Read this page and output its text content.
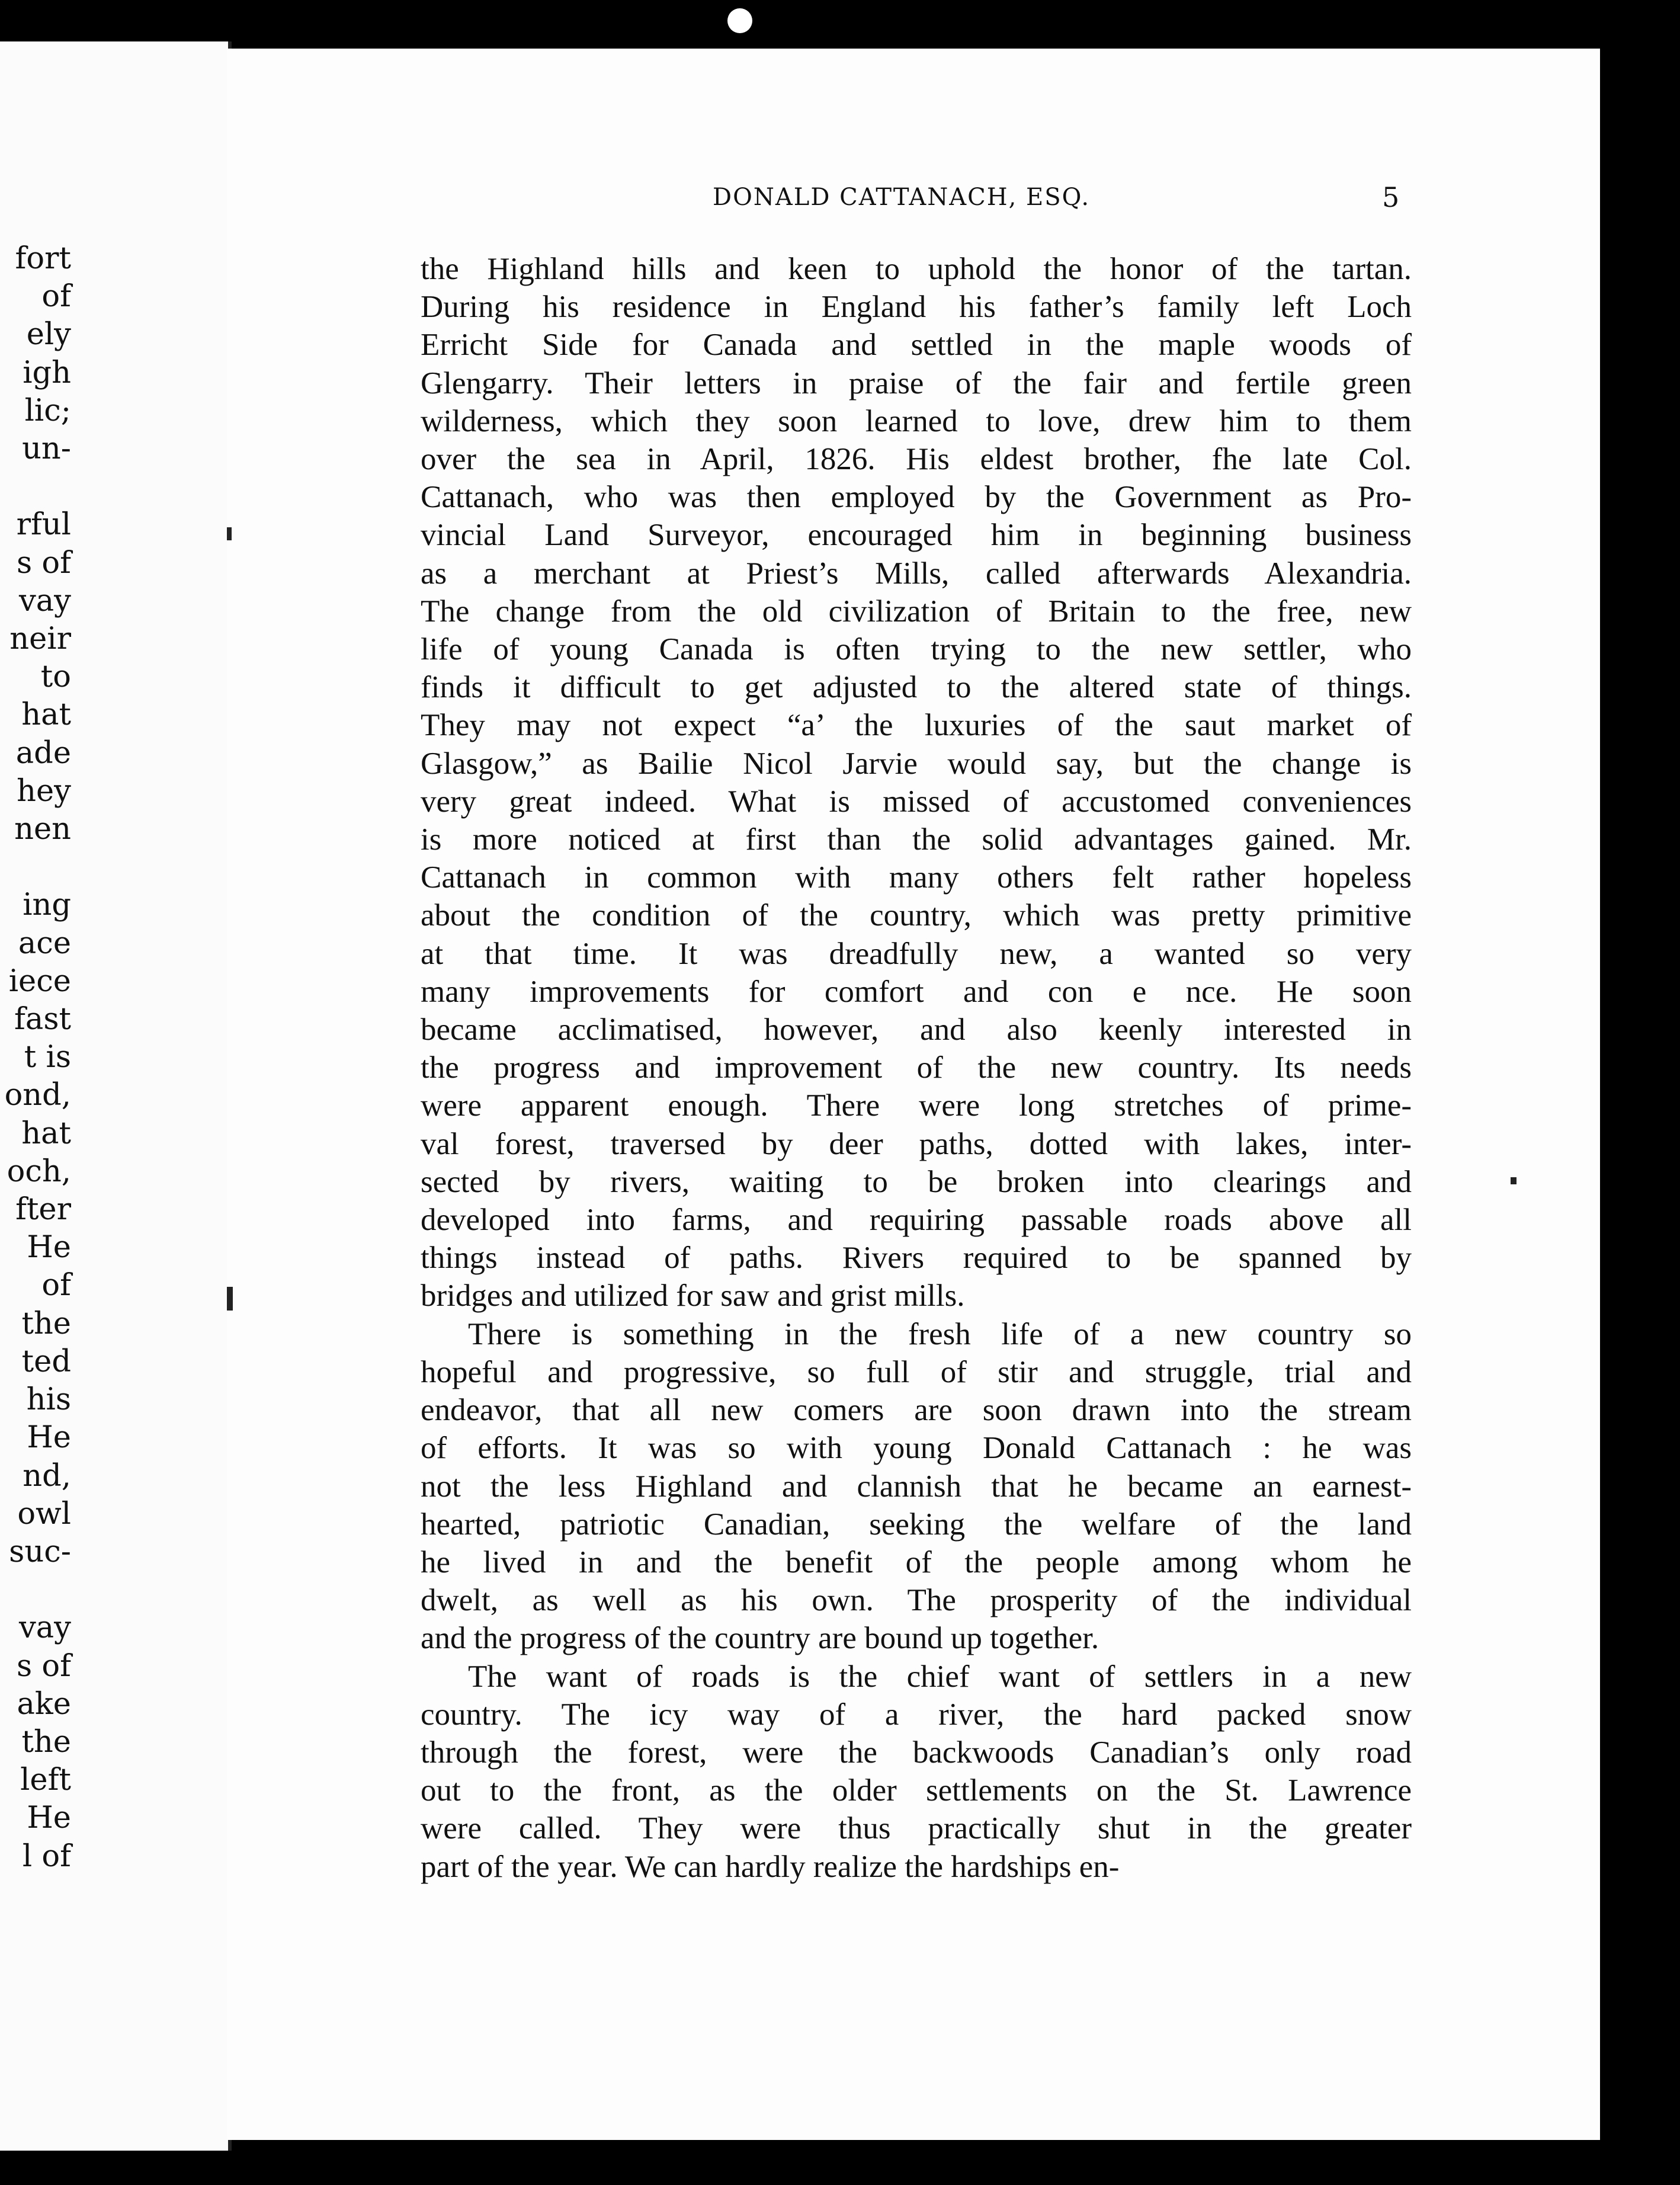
fort
of
ely
igh
lic;
un-

rful
s of
vay
neir
to
hat
ade
hey
nen

ing
ace
iece
fast
t is
ond,
hat
och,
fter
He
of
the
ted
his
He
nd,
owl
suc-

vay
s of
ake
the
left
He
l of
DONALD CATTANACH, ESQ.	5
the Highland hills and keen to uphold the honor of the tartan.
During his residence in England his father’s family left Loch
Erricht Side for Canada and settled in the maple woods of
Glengarry. Their letters in praise of the fair and fertile green
wilderness, which they soon learned to love, drew him to them
over the sea in April, 1826. His eldest brother, fhe late Col.
Cattanach, who was then employed by the Government as Pro-
vincial Land Surveyor, encouraged him in beginning business
as a merchant at Priest’s Mills, called afterwards Alexandria.
The change from the old civilization of Britain to the free, new
life of young Canada is often trying to the new settler, who
finds it difficult to get adjusted to the altered state of things.
They may not expect “a’ the luxuries of the saut market of
Glasgow,” as Bailie Nicol Jarvie would say, but the change is
very great indeed. What is missed of accustomed conveniences
is more noticed at first than the solid advantages gained. Mr.
Cattanach in common with many others felt rather hopeless
about the condition of the country, which was pretty primitive
at that time. It was dreadfully new, a wanted so very
many improvements for comfort and con e nce. He soon
became acclimatised, however, and also keenly interested in
the progress and improvement of the new country. Its needs
were apparent enough. There were long stretches of prime-
val forest, traversed by deer paths, dotted with lakes, inter-
sected by rivers, waiting to be broken into clearings and
developed into farms, and requiring passable roads above all
things instead of paths. Rivers required to be spanned by
bridges and utilized for saw and grist mills.
There is something in the fresh life of a new country so
hopeful and progressive, so full of stir and struggle, trial and
endeavor, that all new comers are soon drawn into the stream
of efforts. It was so with young Donald Cattanach : he was
not the less Highland and clannish that he became an earnest-
hearted, patriotic Canadian, seeking the welfare of the land
he lived in and the benefit of the people among whom he
dwelt, as well as his own. The prosperity of the individual
and the progress of the country are bound up together.
The want of roads is the chief want of settlers in a new
country. The icy way of a river, the hard packed snow
through the forest, were the backwoods Canadian’s only road
out to the front, as the older settlements on the St. Lawrence
were called. They were thus practically shut in the greater
part of the year. We can hardly realize the hardships en-
